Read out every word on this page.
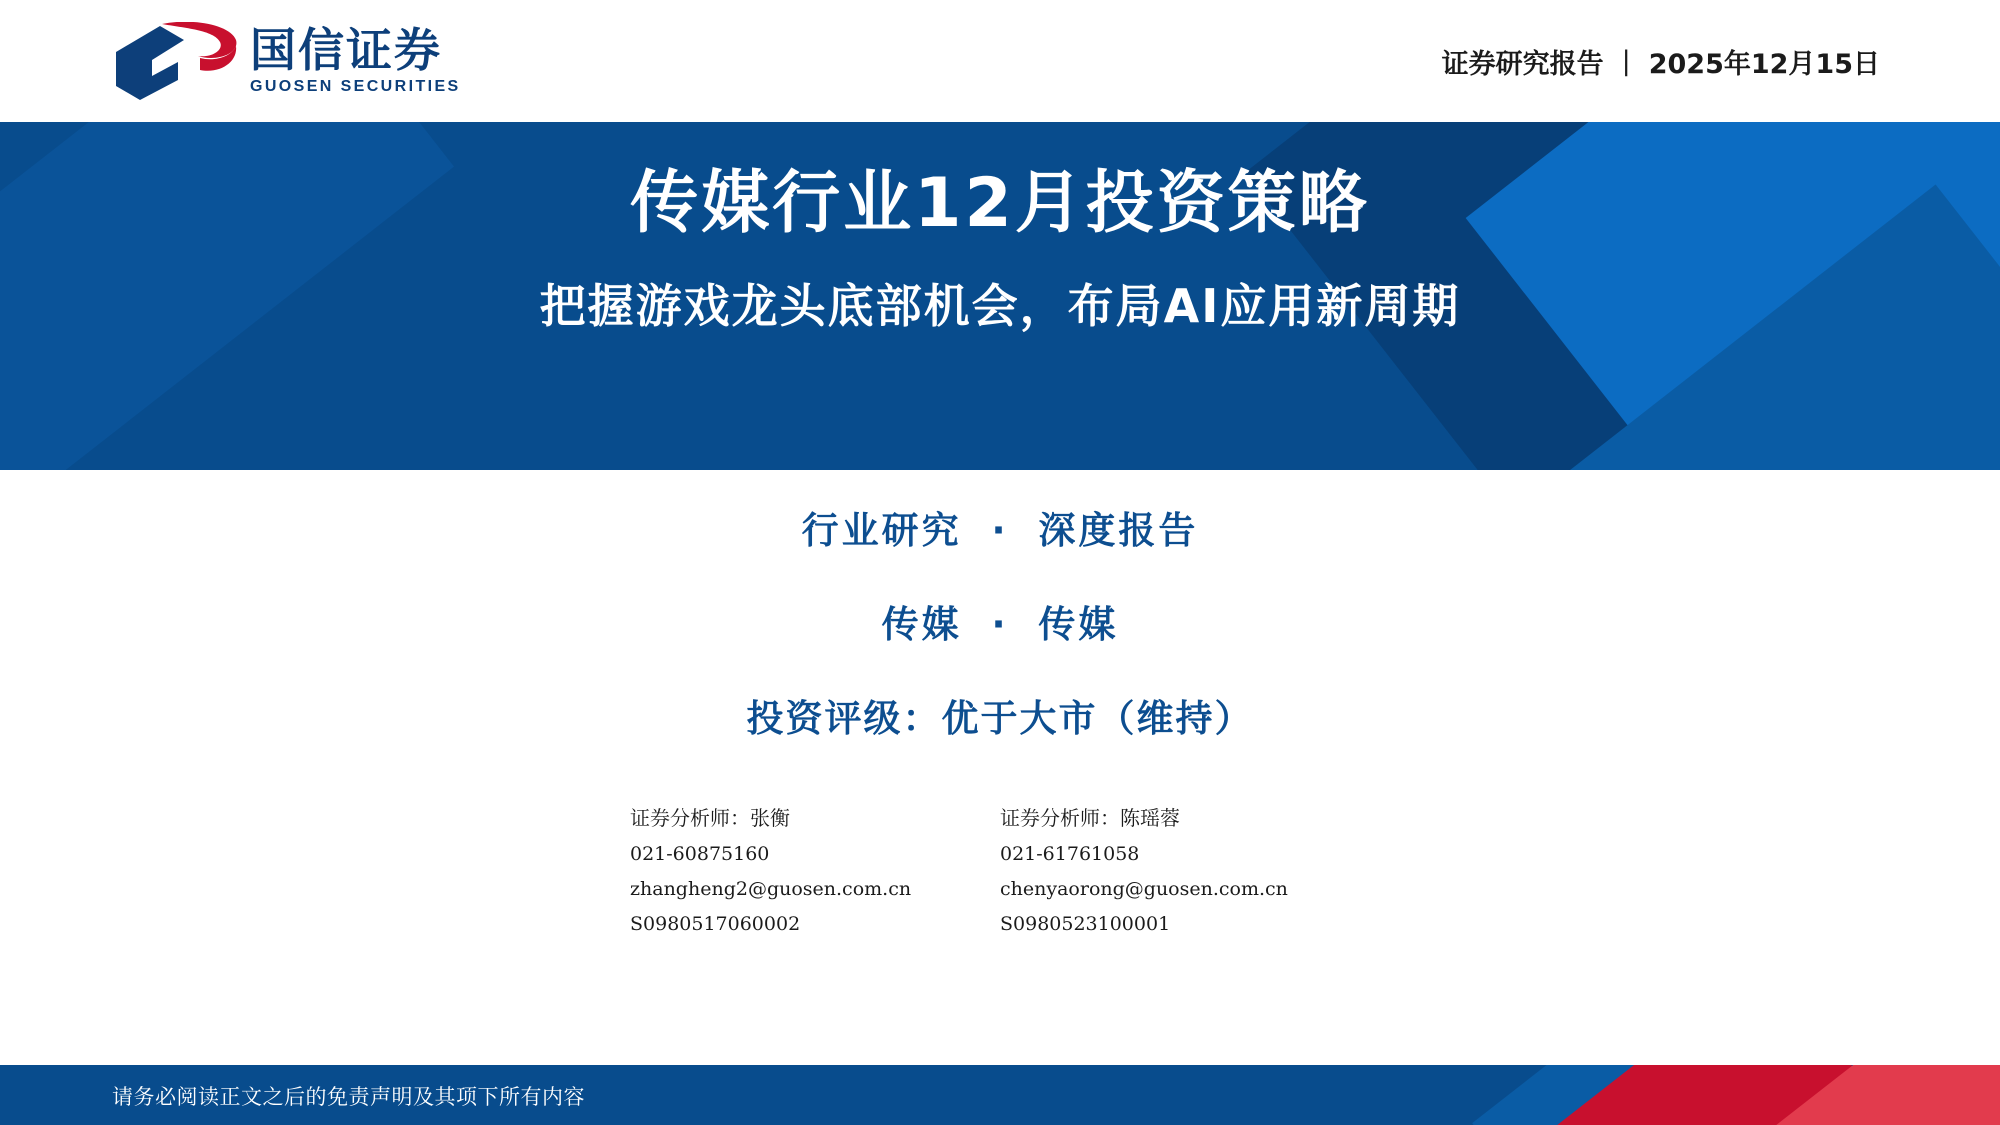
国信证券
GUOSEN SECURITIES
证券研究报告 | 2025年12月15日
传媒行业12月投资策略
把握游戏龙头底部机会，布局AI应用新周期
行业研究 · 深度报告
传媒 · 传媒
投资评级：优于大市（维持）
证券分析师：张衡
021-60875160
zhangheng2@guosen.com.cn
S0980517060002
证券分析师：陈瑶蓉
021-61761058
chenyaorong@guosen.com.cn
S0980523100001
请务必阅读正文之后的免责声明及其项下所有内容
